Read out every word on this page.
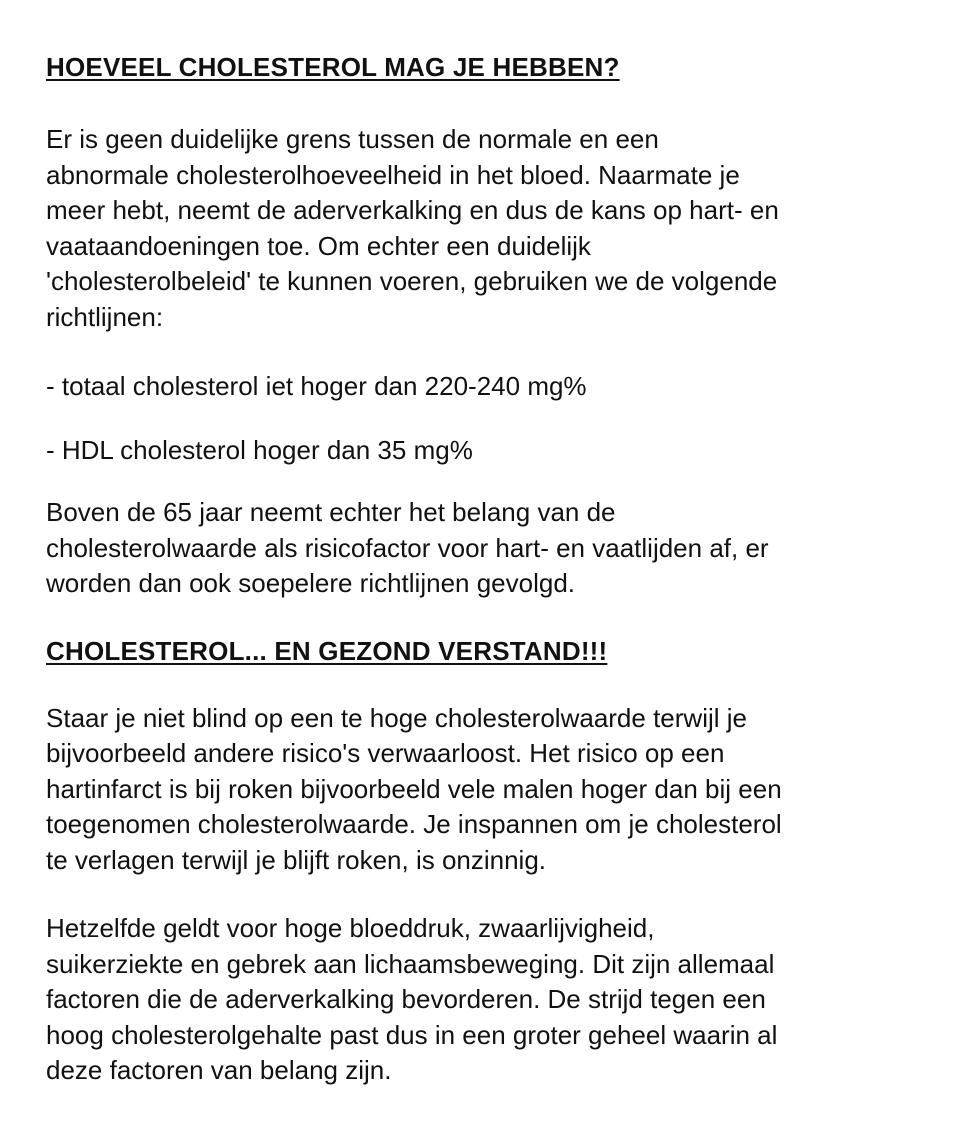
HOEVEEL CHOLESTEROL MAG JE HEBBEN?

Er is geen duidelijke grens tussen de normale en een
abnormale cholesterolhoeveelheid in het bloed. Naarmate je
meer hebt, neemt de aderverkalking en dus de kans op hart- en
vaataandoeningen toe. Om echter een duidelijk
'cholesterolbeleid' te kunnen voeren, gebruiken we de volgende
richtlijnen:

- totaal cholesterol iet hoger dan 220-240 mg%

- HDL cholesterol hoger dan 35 mg%

Boven de 65 jaar neemt echter het belang van de
cholesterolwaarde als risicofactor voor hart- en vaatlijden af, er
worden dan ook soepelere richtlijnen gevolgd.

CHOLESTEROL... EN GEZOND VERSTAND!!!

Staar je niet blind op een te hoge cholesterolwaarde terwijl je
bijvoorbeeld andere risico's verwaarloost. Het risico op een
hartinfarct is bij roken bijvoorbeeld vele malen hoger dan bij een
toegenomen cholesterolwaarde. Je inspannen om je cholesterol
te verlagen terwijl je blijft roken, is onzinnig.

Hetzelfde geldt voor hoge bloeddruk, zwaarlijvigheid,
suikerziekte en gebrek aan lichaamsbeweging. Dit zijn allemaal
factoren die de aderverkalking bevorderen. De strijd tegen een
hoog cholesterolgehalte past dus in een groter geheel waarin al
deze factoren van belang zijn.
